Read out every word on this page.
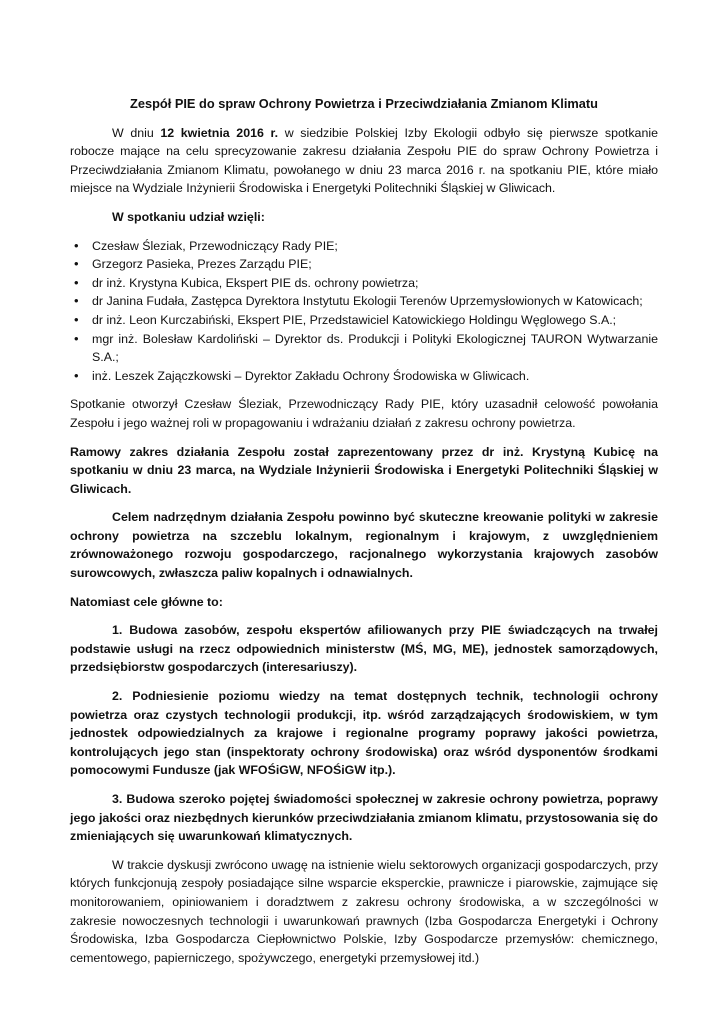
Zespół PIE do spraw Ochrony Powietrza i Przeciwdziałania Zmianom Klimatu

W dniu 12 kwietnia 2016 r. w siedzibie Polskiej Izby Ekologii odbyło się pierwsze spotkanie robocze mające na celu sprecyzowanie zakresu działania Zespołu PIE do spraw Ochrony Powietrza i Przeciwdziałania Zmianom Klimatu, powołanego w dniu 23 marca 2016 r. na spotkaniu PIE, które miało miejsce na Wydziale Inżynierii Środowiska i Energetyki Politechniki Śląskiej w Gliwicach.

W spotkaniu udział wzięli:
• Czesław Śleziak, Przewodniczący Rady PIE;
• Grzegorz Pasieka, Prezes Zarządu PIE;
• dr inż. Krystyna Kubica, Ekspert PIE ds. ochrony powietrza;
• dr Janina Fudała, Zastępca Dyrektora Instytutu Ekologii Terenów Uprzemysłowionych w Katowicach;
• dr inż. Leon Kurczabiński, Ekspert PIE, Przedstawiciel Katowickiego Holdingu Węglowego S.A.;
• mgr inż. Bolesław Kardoliński – Dyrektor ds. Produkcji i Polityki Ekologicznej TAURON Wytwarzanie S.A.;
• inż. Leszek Zajączkowski – Dyrektor Zakładu Ochrony Środowiska w Gliwicach.

Spotkanie otworzył Czesław Śleziak, Przewodniczący Rady PIE, który uzasadnił celowość powołania Zespołu i jego ważnej roli w propagowaniu i wdrażaniu działań z zakresu ochrony powietrza.

Ramowy zakres działania Zespołu został zaprezentowany przez dr inż. Krystyną Kubicę na spotkaniu w dniu 23 marca, na Wydziale Inżynierii Środowiska i Energetyki Politechniki Śląskiej w Gliwicach.

Celem nadrzędnym działania Zespołu powinno być skuteczne kreowanie polityki w zakresie ochrony powietrza na szczeblu lokalnym, regionalnym i krajowym, z uwzględnieniem zrównoważonego rozwoju gospodarczego, racjonalnego wykorzystania krajowych zasobów surowcowych, zwłaszcza paliw kopalnych i odnawialnych.

Natomiast cele główne to:

1. Budowa zasobów, zespołu ekspertów afiliowanych przy PIE świadczących na trwałej podstawie usługi na rzecz odpowiednich ministerstw (MŚ, MG, ME), jednostek samorządowych, przedsiębiorstw gospodarczych (interesariuszy).

2. Podniesienie poziomu wiedzy na temat dostępnych technik, technologii ochrony powietrza oraz czystych technologii produkcji, itp. wśród zarządzających środowiskiem, w tym jednostek odpowiedzialnych za krajowe i regionalne programy poprawy jakości powietrza, kontrolujących jego stan (inspektoraty ochrony środowiska) oraz wśród dysponentów środkami pomocowymi Fundusze (jak WFOŚiGW, NFOŚiGW itp.).

3. Budowa szeroko pojętej świadomości społecznej w zakresie ochrony powietrza, poprawy jego jakości oraz niezbędnych kierunków przeciwdziałania zmianom klimatu, przystosowania się do zmieniających się uwarunkowań klimatycznych.

W trakcie dyskusji zwrócono uwagę na istnienie wielu sektorowych organizacji gospodarczych, przy których funkcjonują zespoły posiadające silne wsparcie eksperckie, prawnicze i piarowskie, zajmujące się monitorowaniem, opiniowaniem i doradztwem z zakresu ochrony środowiska, a w szczególności w zakresie nowoczesnych technologii i uwarunkowań prawnych (Izba Gospodarcza Energetyki i Ochrony Środowiska, Izba Gospodarcza Ciepłownictwo Polskie, Izby Gospodarcze przemysłów: chemicznego, cementowego, papierniczego, spożywczego, energetyki przemysłowej itd.)
